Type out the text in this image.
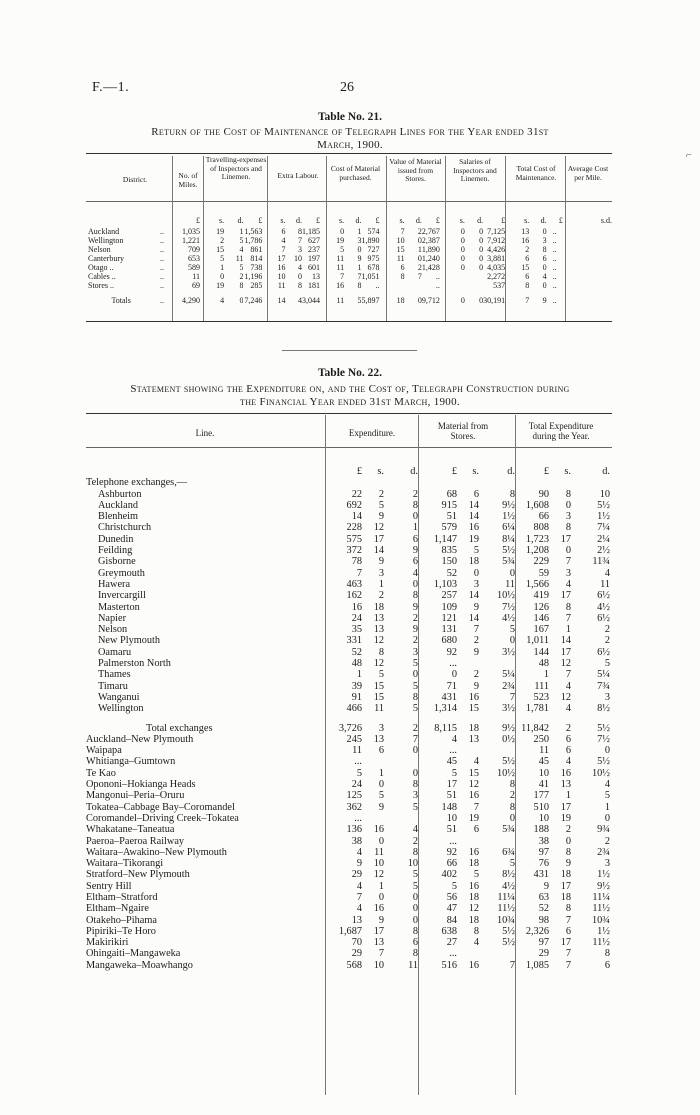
F.—1.	26
Table No. 21.
Return of the Cost of Maintenance of Telegraph Lines for the Year ended 31st
March, 1900.
District.	No. of Miles.
Travelling-expenses of Inspectors and Linemen.	Extra Labour.
Cost of Material purchased.
Value of Material issued from Stores.
Salaries of Inspectors and Linemen.
Total Cost of Maintenance.
Average Cost per Mile.
		£	s.	d.	£	s.	d.	£	s.	d.	£	s.	d.	£	s.	d.	£	s.	d.	£	s.	d.	
Auckland	..	1,035	19	1	1,563	6	8	1,185	0	1	574	7	2	2,767	0	0	7,125	13	0	..			
Wellington	..	1,221	2	5	1,786	4	7	627	19	3	1,890	10	0	2,387	0	0	7,912	16	3	..			
Nelson	..	709	15	4	861	7	3	237	5	0	727	15	1	1,890	0	0	4,426	2	8	..			
Canterbury	..	653	5	11	814	17	10	197	11	9	975	11	0	1,240	0	0	3,881	6	6	..			
Otago ..	..	589	1	5	738	16	4	601	11	1	678	6	2	1,428	0	0	4,035	15	0	..			
Cables ..	..	11	0	2	1,196	10	0	13	7	7	1,051	8	7	..			2,272	6	4	..			
Stores ..	..	69	19	8	285	11	8	181	16	8	..			..			537	8	0	..			
Totals	..	4,290	4	0	7,246	14	4	3,044	11	5	5,897	18	0	9,712	0	0	30,191	7	9	..			
Table No. 22.
Statement showing the Expenditure on, and the Cost of, Telegraph Construction during
the Financial Year ended 31st March, 1900.
Line.	Expenditure.
Material from Stores.
Total Expenditure during the Year.
	£	s.	d.	£	s.	d.	£	s.	d.
Telephone exchanges,—									
Ashburton	22	2	2	68	6	8	90	8	10
Auckland	692	5	8	915	14	9½	1,608	0	5½
Blenheim	14	9	0	51	14	1½	66	3	1½
Christchurch	228	12	1	579	16	6¼	808	8	7¼
Dunedin	575	17	6	1,147	19	8¼	1,723	17	2¼
Feilding	372	14	9	835	5	5½	1,208	0	2½
Gisborne	78	9	6	150	18	5¾	229	7	11¾
Greymouth	7	3	4	52	0	0	59	3	4
Hawera	463	1	0	1,103	3	11	1,566	4	11
Invercargill	162	2	8	257	14	10½	419	17	6½
Masterton	16	18	9	109	9	7½	126	8	4½
Napier	24	13	2	121	14	4½	146	7	6½
Nelson	35	13	9	131	7	5	167	1	2
New Plymouth	331	12	2	680	2	0	1,011	14	2
Oamaru	52	8	3	92	9	3½	144	17	6½
Palmerston North	48	12	5	...			48	12	5
Thames	1	5	0	0	2	5¼	1	7	5¼
Timaru	39	15	5	71	9	2¾	111	4	7¾
Wanganui	91	15	8	431	16	7	523	12	3
Wellington	466	11	5	1,314	15	3½	1,781	4	8½

Total exchanges	3,726	3	2	8,115	18	9½	11,842	2	5½
Auckland–New Plymouth	245	13	7	4	13	0½	250	6	7½
Waipapa	11	6	0	...			11	6	0
Whitianga–Gumtown	...			45	4	5½	45	4	5½
Te Kao	5	1	0	5	15	10½	10	16	10½
Opononi–Hokianga Heads	24	0	8	17	12	8	41	13	4
Mangonui–Peria–Oruru	125	5	3	51	16	2	177	1	5
Tokatea–Cabbage Bay–Coromandel	362	9	5	148	7	8	510	17	1
Coromandel–Driving Creek–Tokatea	...			10	19	0	10	19	0
Whakatane–Taneatua	136	16	4	51	6	5¾	188	2	9¾
Paeroa–Paeroa Railway	38	0	2	...			38	0	2
Waitara–Awakino–New Plymouth	4	11	8	92	16	6¾	97	8	2¾
Waitara–Tikorangi	9	10	10	66	18	5	76	9	3
Stratford–New Plymouth	29	12	5	402	5	8½	431	18	1½
Sentry Hill	4	1	5	5	16	4½	9	17	9½
Eltham–Stratford	7	0	0	56	18	11¼	63	18	11¼
Eltham–Ngaire	4	16	0	47	12	11½	52	8	11½
Otakeho–Pihama	13	9	0	84	18	10¾	98	7	10¾
Pipiriki–Te Horo	1,687	17	8	638	8	5½	2,326	6	1½
Makirikiri	70	13	6	27	4	5½	97	17	11½
Ohingaiti–Mangaweka	29	7	8	...			29	7	8
Mangaweka–Moawhango	568	10	11	516	16	7	1,085	7	6
⌐
